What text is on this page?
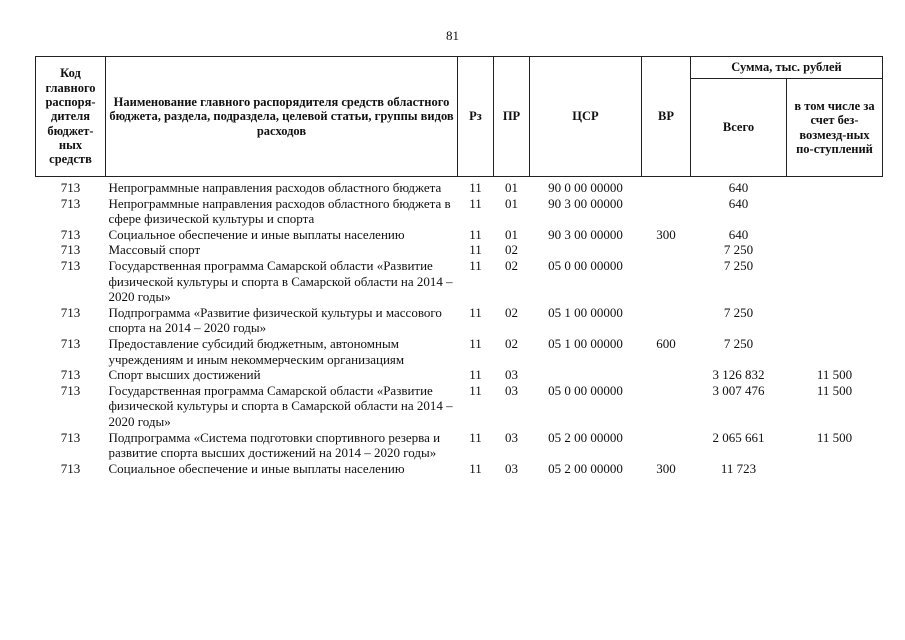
81
Код главного распоря-дителя бюджет-ных средств	Наименование главного распорядителя средств областного бюджета, раздела, подраздела, целевой статьи, группы видов расходов	Рз	ПР	ЦСР	ВР	Сумма, тыс. рублей	
						Всего	в том числе за счет без-возмезд-ных по-ступлений
713	Непрограммные направления расходов областного бюджета	11	01	90 0 00 00000		640	
713	Непрограммные направления расходов областного бюджета в сфере физической культуры и спорта	11	01	90 3 00 00000		640	
713	Социальное обеспечение и иные выплаты населению	11	01	90 3 00 00000	300	640	
713	Массовый спорт	11	02			7 250	
713	Государственная программа Самарской области «Развитие физической культуры и спорта в Самарской области на 2014 – 2020 годы»	11	02	05 0 00 00000		7 250	
713	Подпрограмма «Развитие физической культуры и массового спорта на 2014 – 2020 годы»	11	02	05 1 00 00000		7 250	
713	Предоставление субсидий бюджетным, автономным учреждениям и иным некоммерческим организациям	11	02	05 1 00 00000	600	7 250	
713	Спорт высших достижений	11	03			3 126 832	11 500
713	Государственная программа Самарской области «Развитие физической культуры и спорта в Самарской области на 2014 – 2020 годы»	11	03	05 0 00 00000		3 007 476	11 500
713	Подпрограмма «Система подготовки спортивного резерва и развитие спорта высших достижений на 2014 – 2020 годы»	11	03	05 2 00 00000		2 065 661	11 500
713	Социальное обеспечение и иные выплаты населению	11	03	05 2 00 00000	300	11 723	
